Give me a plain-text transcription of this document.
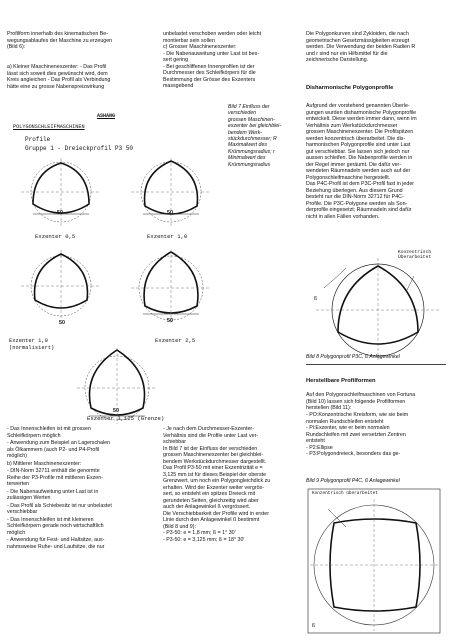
Profilform innerhalb des kinematischen Be-
wegungsablaufes der Maschine zu erzeugen
(Bild 6):
a) Kleiner Maschinenexzenter: - Das Profil
lässt sich soweit dies gewünscht wird, dem
Kreis angleichen - Das Profil als Verbindung
hätte eine zu grosse Nabenspreizwirkung
unbelastet verschoben werden oder leicht
montierbar sein sollen
c) Grosser Maschinenexzenter:
- Die Nabenauweitung unter Last ist bes-
sert gering
- Bei geschliffenen Innenprofilen ist der
Durchmesser des Schleifkörpers für die
Bestimmung der Grösse des Exzenters
massgebend
Die Polygonkurven sind Zykloiden, die nach
geometrischen Gesetzmässigkeiten erzeugt
werden. Die Verwendung der beiden Radien R
und r sind nur ein Hilfsmittel für die
zeichnerische Darstellung.
Disharmonische Polygonprofile
Aufgrund der vorstehend genannten Überle-
gungen wurden disharmonische Polygonprofile
entwickelt. Diese werden immer dann, wenn im
Verhältnis zum Werkstückdurchmesser
grossen Maschinenexzenter. Die Profilspitzen
werden konzentrisch überarbeitet. Die dis-
harmonischen Polygonprofile sind unter Last
gut verschiebbar. Sie lassen sich jedoch nur
aussen schleifen. Die Nabenprofile werden in
der Regel immer geräumt. Die dafür ver-
wendeten Räumnadeln werden auch auf der
Polygonschleifmaschine hergestellt.
Das P4C-Profil ist dem P3C-Profil fast in jeder
Beziehung überlegen. Aus diesem Grund
besteht nur die DIN-Norm 32712 für P4C-
Profile. Die P3C-Polygone werden als Son-
derprofile eingesetzt; Räumnadeln sind dafür
nicht in allen Fällen vorhanden.
ß
Konzentrisch
Überarbeitet
Bild 8 Polygonprofil P3C, ß Anlagewinkel
Herstellbare Profilformen
Auf den Polygonschleifmaschinen von Fortuna
(Bild 10) lassen sich folgende Profilformen
herstellen (Bild 11):
- PO:Konzentrische Kreisform, wie sie beim
normalen Rundschleifen entsteht
- Pi:Exzenter, wie er beim normalen
Rundschleifen mit zwei versetzten Zentren
entsteht
- P2:Ellipse
- P3:Polygondreieck, besonders das ge-
Bild 9 Polygonprofil P4C, ß Anlagewinkel
ß
Konzentrisch überarbeitet
Bild 7 Einfluss der
verschieden
grossen Maschinen-
exzenter bei gleichblei-
bendem Werk-
stückdurchmesser; R
Maximalwert des
Krümmungsradius; r
Minimalwert des
Krümmungsradius
ASHANG
POLYGONSCHLEIFMASCHINEN
Profile
Gruppe 1 - Dreieckprofil P3 50
50
Exzenter 0,5
50
Exzenter 1,0
Exzenter 1,0
(normalisiert)
50	50
Exzenter 2,5
50
Exzenter 3,125 (Grenze)
- Das Innenschleifen ist mit grossen
Schleifkörpern möglich
- Anwendung zum Beispiel an Lagerschalen
als Ölkammern (auch P2- und P4-Profil
möglich)
b) Mittlerer Maschinenexzenter:
- DIN-Norm 32711 enthält die genormte
Reihe der P3-Profile mit mittleren Exzen-
terwerten
- Die Nabenaufweitung unter Last ist in
zulässigen Werten
- Das Profil als Schiebesitz ist nur unbelastet
verschiebbar
- Das Innenschleifen ist mit kleineren
Schleifkörpern gerade noch wirtschaftlich
möglich
- Anwendung für Fest- und Haltsitze, aus-
nahmsweise Ruhe- und Laufsitze, die nur
- Je nach dem Durchmesser-Exzenter-
Verhältnis sind die Profile unter Last ver-
schiebbar
In Bild 7 ist der Einfluss der verschieden
grossen Maschinenexzenter bei gleichblei-
bendem Werkstückdurchmesser dargestellt.
Das Profil P3-50 mit einer Exzentrizität e =
3,125 mm ist für dieses Beispiel der oberste
Grenzwert, um noch ein Polygongleichdick zu
erhalten. Wird der Exzenter weiter vergrös-
sert, so entsteht ein spitzes Dreieck mit
gerundeten Seiten, gleichzeitig wird aber
auch der Anlagewinkel ß vergrössert.
Die Verschiebbarkeit der Profile wird in erster
Linie durch den Anlagewinkel ß bestimmt
(Bild 8 und 9):
- P3-50: e = 1,8 mm; ß = 1° 30'
- P3-50: e = 3,125 mm; ß = 18° 30'
